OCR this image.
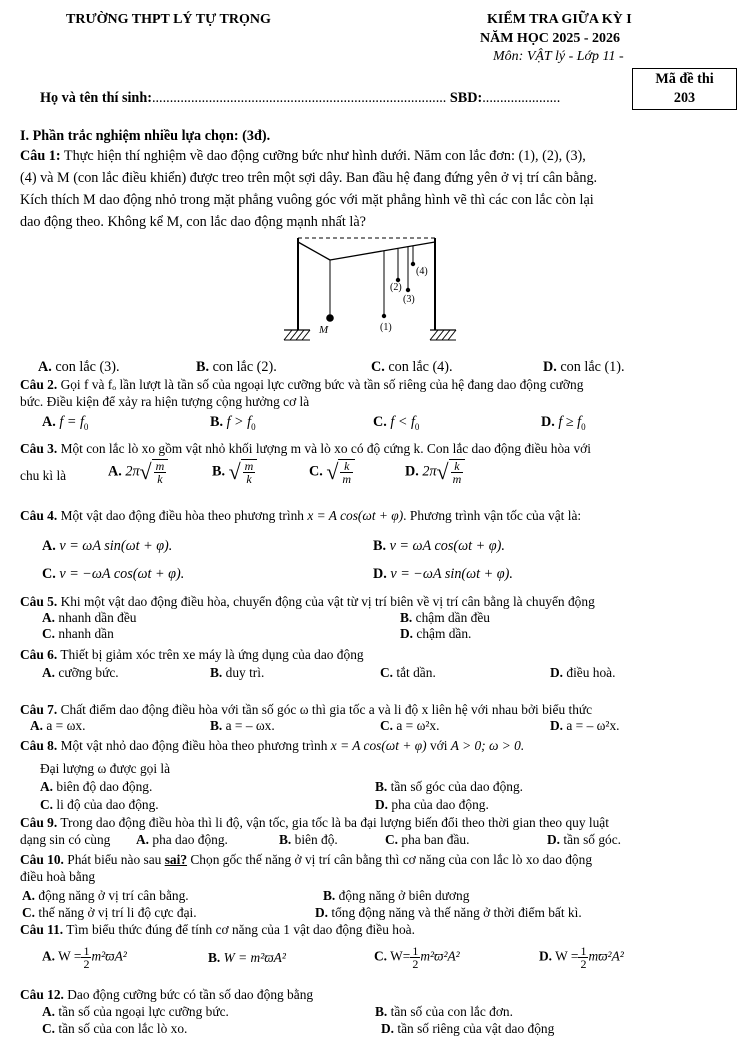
TRƯỜNG THPT LÝ TỰ TRỌNG	KIỂM TRA GIỮA KỲ I
NĂM HỌC 2025 - 2026
Môn: VẬT lý - Lớp 11 -
Mã đề thi
203
Họ và tên thí sinh:................................................................................... SBD:......................
I. Phần trắc nghiệm nhiều lựa chọn: (3đ).
Câu 1: Thực hiện thí nghiệm về dao động cưỡng bức như hình dưới. Năm con lắc đơn: (1), (2), (3),
(4) và M (con lắc điều khiển) được treo trên một sợi dây. Ban đầu hệ đang đứng yên ở vị trí cân bằng.
Kích thích M dao động nhỏ trong mặt phẳng vuông góc với mặt phẳng hình vẽ thì các con lắc còn lại
dao động theo. Không kể M, con lắc dao động mạnh nhất là?
(1)
(2)
(3)
(4)
M
A. con lắc (3).	B. con lắc (2).	C. con lắc (4).	D. con lắc (1).
Câu 2. Gọi f và fₒ lần lượt là tần số của ngoại lực cưỡng bức và tần số riêng của hệ đang dao động cưỡng
bức. Điều kiện để xảy ra hiện tượng cộng hưởng cơ là
A. $f = f_0$	B. $f > f_0$	C. $f < f_0$	D. $f \ge f_0$
Câu 3. Một con lắc lò xo gồm vật nhỏ khối lượng m và lò xo có độ cứng k. Con lắc dao động điều hòa với
chu kì là	A. $2\pi√ \frac{m}{k}$	B. √ $\frac{m}{k}$	C. √ $\frac{k}{m}$	D. $2\pi√ \frac{k}{m}$
Câu 4. Một vật dao động điều hòa theo phương trình x = A cos(ωt + φ). Phương trình vận tốc của vật là:
A. v = ωA sin(ωt + φ).	B. v = ωA cos(ωt + φ).
C. v = −ωA cos(ωt + φ).	D. v = −ωA sin(ωt + φ).
Câu 5. Khi một vật dao động điều hòa, chuyển động của vật từ vị trí biên về vị trí cân bằng là chuyển động
A. nhanh dần đều	B. chậm dần đều
C. nhanh dần	D. chậm dần.
Câu 6. Thiết bị giảm xóc trên xe máy là ứng dụng của dao động
A. cưỡng bức.	B. duy trì.	C. tắt dần.	D. điều hoà.
Câu 7. Chất điểm dao động điều hòa với tần số góc ω thì gia tốc a và li độ x liên hệ với nhau bởi biểu thức
A. a = ωx.	B. a = – ωx.	C. a = ω²x.	D. a = – ω²x.
Câu 8. Một vật nhỏ dao động điều hòa theo phương trình x = A cos(ωt + φ) với A > 0; ω > 0.
Đại lượng ω được gọi là
A. biên độ dao động.	B. tần số góc của dao động.
C. li độ của dao động.	D. pha của dao động.
Câu 9. Trong dao động điều hòa thì li độ, vận tốc, gia tốc là ba đại lượng biến đổi theo thời gian theo quy luật
dạng sin có cùng A. pha dao động.	B. biên độ.	C. pha ban đầu.	D. tần số góc.
Câu 10. Phát biểu nào sau sai? Chọn gốc thế năng ở vị trí cân bằng thì cơ năng của con lắc lò xo dao động
điều hoà bằng
A. động năng ở vị trí cân bằng.	B. động năng ở biên dương
C. thế năng ở vị trí li độ cực đại.	D. tổng động năng và thế năng ở thời điểm bất kì.
Câu 11. Tìm biểu thức đúng để tính cơ năng của 1 vật dao động điều hoà.
A. $W = \frac{1}{2} m^2ϖA^2$	B. W = m²ϖA²	C. $W= \frac{1}{2} m^2ϖ^2A^2$	D. $W = \frac{1}{2} mϖ^2A^2$
Câu 12. Dao động cưỡng bức có tần số dao động bằng
A. tần số của ngoại lực cưỡng bức.	B. tần số của con lắc đơn.
C. tần số của con lắc lò xo.	D. tần số riêng của vật dao động
